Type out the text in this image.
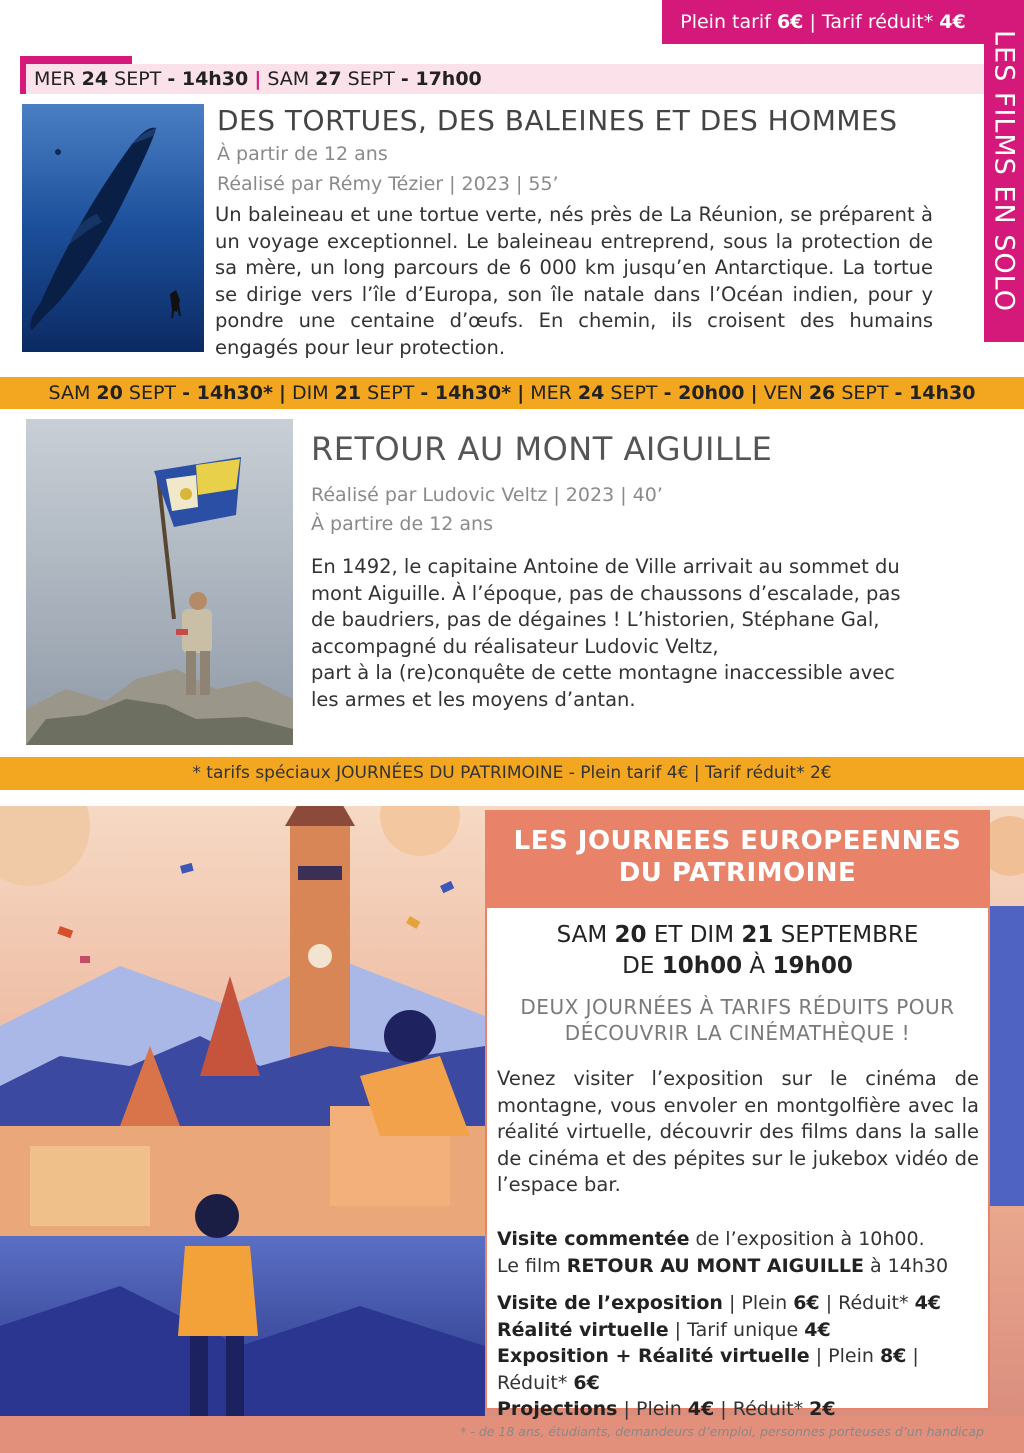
Plein tarif 6€ | Tarif réduit* 4€
LES FILMS EN SOLO
MER 24 SEPT - 14h30 | SAM 27 SEPT - 17h00
DES TORTUES, DES BALEINES ET DES HOMMES
À partir de 12 ans
Réalisé par Rémy Tézier | 2023 | 55’
Un baleineau et une tortue verte, nés près de La Réunion, se préparent à un voyage exceptionnel. Le baleineau entreprend, sous la protection de sa mère, un long parcours de 6 000 km jusqu’en Antarctique. La tortue se dirige vers l’île d’Europa, son île natale dans l’Océan indien, pour y pondre une centaine d’œufs. En chemin, ils croisent des humains engagés pour leur protection.
SAM 20 SEPT - 14h30* | DIM 21 SEPT - 14h30* | MER 24 SEPT - 20h00 | VEN 26 SEPT - 14h30
RETOUR AU MONT AIGUILLE
Réalisé par Ludovic Veltz | 2023 | 40’
À partire de 12 ans
En 1492, le capitaine Antoine de Ville arrivait au sommet du
mont Aiguille. À l’époque, pas de chaussons d’escalade, pas
de baudriers, pas de dégaines ! L’historien, Stéphane Gal,
accompagné du réalisateur Ludovic Veltz,
part à la (re)conquête de cette montagne inaccessible avec
les armes et les moyens d’antan.
* tarifs spéciaux JOURNÉES DU PATRIMOINE - Plein tarif 4€ | Tarif réduit* 2€
LES JOURNEES EUROPEENNES
DU PATRIMOINE
SAM 20 ET DIM 21 SEPTEMBRE
DE 10h00 À 19h00
DEUX JOURNÉES À TARIFS RÉDUITS POUR
DÉCOUVRIR LA CINÉMATHÈQUE !
Venez visiter l’exposition sur le cinéma de montagne, vous envoler en montgolfière avec la réalité virtuelle, découvrir des films dans la salle de cinéma et des pépites sur le jukebox vidéo de l’espace bar.
Visite commentée de l’exposition à 10h00.
Le film RETOUR AU MONT AIGUILLE à 14h30
Visite de l’exposition | Plein 6€ | Réduit* 4€
Réalité virtuelle | Tarif unique 4€
Exposition + Réalité virtuelle | Plein 8€ | Réduit* 6€
Projections | Plein 4€ | Réduit* 2€
* - de 18 ans, étudiants, demandeurs d’emploi, personnes porteuses d’un handicap
